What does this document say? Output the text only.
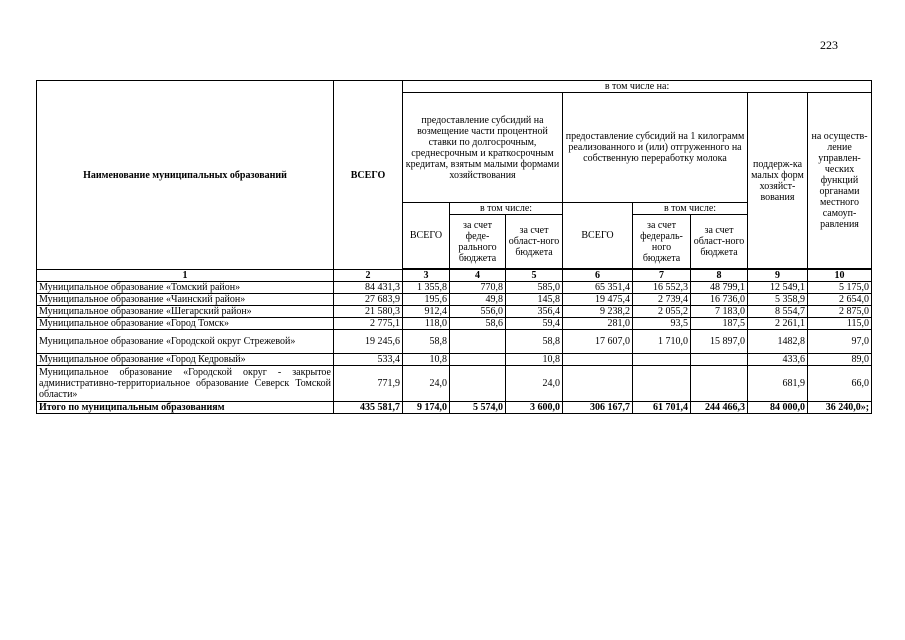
223
Наименование муниципальных образований	ВСЕГО	в том числе на:							
		предоставление субсидий на возмещение части процентной ставки по долгосрочным, среднесрочным и краткосрочным кредитам, взятым малыми формами хозяйствования			предоставление субсидий на 1 килограмм реализованного и (или) отгруженного на собственную переработку молока			поддерж-ка малых форм хозяйст-вования	на осуществ-ление управлен-ческих функций органами местного самоуп-равления
		ВСЕГО	в том числе:		ВСЕГО	в том числе:			
			за счет феде-рального бюджета	за счет област-ного бюджета		за счет федераль-ного бюджета	за счет област-ного бюджета		

1	2	3	4	5	6	7	8	9	10
Муниципальное образование «Томский район»	84 431,3	1 355,8	770,8	585,0	65 351,4	16 552,3	48 799,1	12 549,1	5 175,0
Муниципальное образование «Чаинский район»	27 683,9	195,6	49,8	145,8	19 475,4	2 739,4	16 736,0	5 358,9	2 654,0
Муниципальное образование «Шегарский район»	21 580,3	912,4	556,0	356,4	9 238,2	2 055,2	7 183,0	8 554,7	2 875,0
Муниципальное образование «Город Томск»	2 775,1	118,0	58,6	59,4	281,0	93,5	187,5	2 261,1	115,0
Муниципальное образование «Городской округ Стрежевой»	19 245,6	58,8		58,8	17 607,0	1 710,0	15 897,0	1482,8	97,0
Муниципальное образование «Город Кедровый»	533,4	10,8		10,8				433,6	89,0
Муниципальное образование «Городской округ - закрытое административно-территориальное образование Северск Томской области»	771,9	24,0		24,0				681,9	66,0
Итого по муниципальным образованиям	435 581,7	9 174,0	5 574,0	3 600,0	306 167,7	61 701,4	244 466,3	84 000,0	36 240,0»;
